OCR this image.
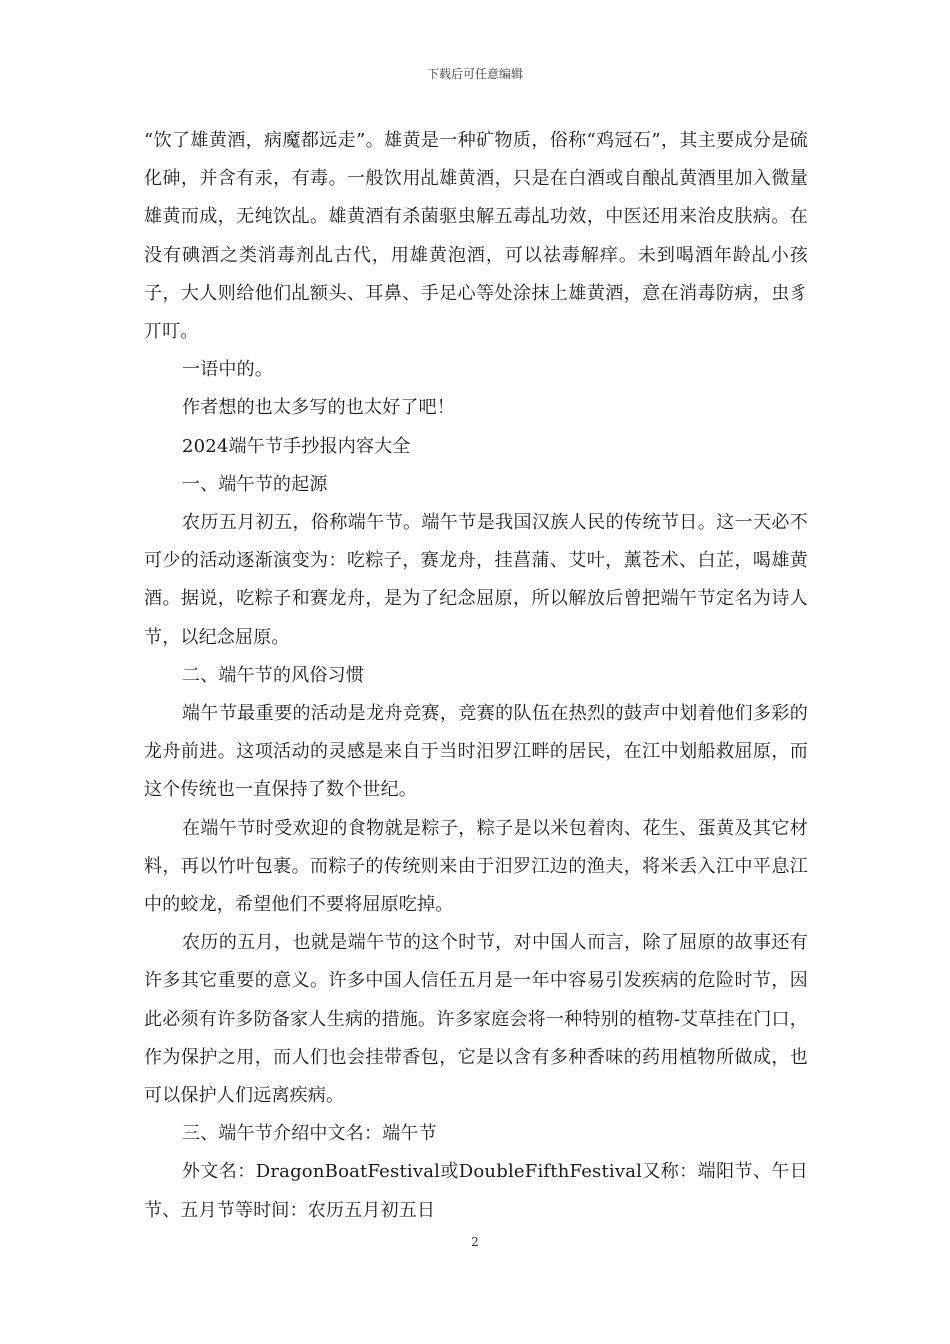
下载后可任意编辑

“饮了雄黄酒，病魔都远走”。雄黄是一种矿物质，俗称“鸡冠石”，其主要成分是硫化砷，并含有汞，有毒。一般饮用乩雄黄酒，只是在白酒或自酿乩黄酒里加入微量雄黄而成，无纯饮乩。雄黄酒有杀菌驱虫解五毒乩功效，中医还用来治皮肤病。在没有碘酒之类消毒剂乩古代，用雄黄泡酒，可以祛毒解痒。未到喝酒年龄乩小孩子，大人则给他们乩额头、耳鼻、手足心等处涂抹上雄黄酒，意在消毒防病，虫豸丌叮。

一语中的。

作者想的也太多写的也太好了吧！

2024端午节手抄报内容大全

一、端午节的起源

农历五月初五，俗称端午节。端午节是我国汉族人民的传统节日。这一天必不可少的活动逐渐演变为：吃粽子，赛龙舟，挂菖蒲、艾叶，薰苍术、白芷，喝雄黄酒。据说，吃粽子和赛龙舟，是为了纪念屈原，所以解放后曾把端午节定名为诗人节，以纪念屈原。

二、端午节的风俗习惯

端午节最重要的活动是龙舟竞赛，竞赛的队伍在热烈的鼓声中划着他们多彩的龙舟前进。这项活动的灵感是来自于当时汨罗江畔的居民，在江中划船救屈原，而这个传统也一直保持了数个世纪。

在端午节时受欢迎的食物就是粽子，粽子是以米包着肉、花生、蛋黄及其它材料，再以竹叶包裹。而粽子的传统则来由于汨罗江边的渔夫，将米丢入江中平息江中的蛟龙，希望他们不要将屈原吃掉。

农历的五月，也就是端午节的这个时节，对中国人而言，除了屈原的故事还有许多其它重要的意义。许多中国人信任五月是一年中容易引发疾病的危险时节，因此必须有许多防备家人生病的措施。许多家庭会将一种特别的植物-艾草挂在门口，作为保护之用，而人们也会挂带香包，它是以含有多种香味的药用植物所做成，也可以保护人们远离疾病。

三、端午节介绍中文名：端午节

外文名：DragonBoatFestival或DoubleFifthFestival又称：端阳节、午日节、五月节等时间：农历五月初五日

2
